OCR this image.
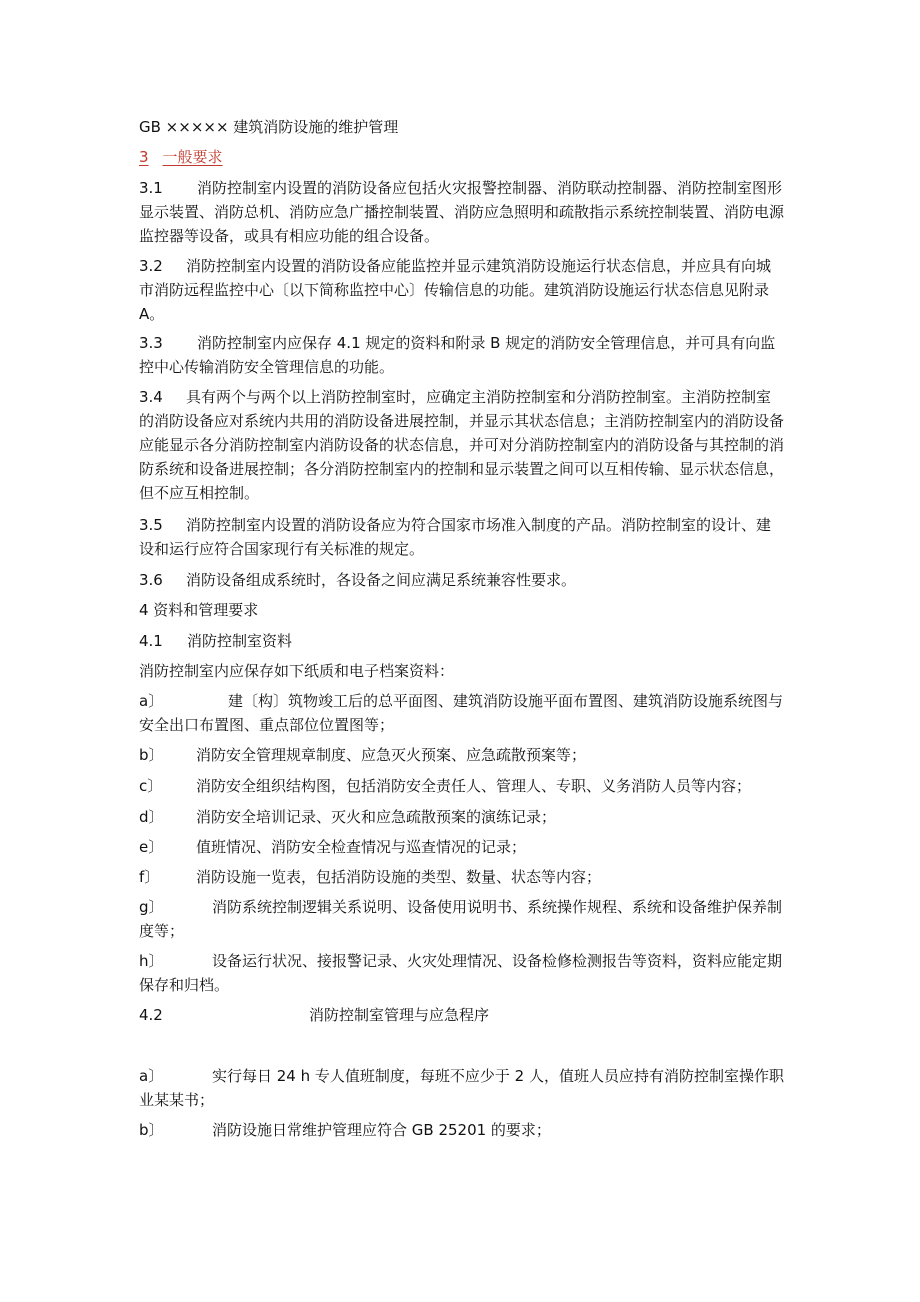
GB ××××× 建筑消防设施的维护管理
3 一般要求
3.1 消防控制室内设置的消防设备应包括火灾报警控制器、消防联动控制器、消防控制室图形显示装置、消防总机、消防应急广播控制装置、消防应急照明和疏散指示系统控制装置、消防电源监控器等设备，或具有相应功能的组合设备。
3.2 消防控制室内设置的消防设备应能监控并显示建筑消防设施运行状态信息，并应具有向城市消防远程监控中心〔以下简称监控中心〕传输信息的功能。建筑消防设施运行状态信息见附录 A。
3.3 消防控制室内应保存 4.1 规定的资料和附录 B 规定的消防安全管理信息，并可具有向监控中心传输消防安全管理信息的功能。
3.4 具有两个与两个以上消防控制室时，应确定主消防控制室和分消防控制室。主消防控制室的消防设备应对系统内共用的消防设备进展控制，并显示其状态信息；主消防控制室内的消防设备应能显示各分消防控制室内消防设备的状态信息，并可对分消防控制室内的消防设备与其控制的消防系统和设备进展控制；各分消防控制室内的控制和显示装置之间可以互相传输、显示状态信息，但不应互相控制。
3.5 消防控制室内设置的消防设备应为符合国家市场准入制度的产品。消防控制室的设计、建设和运行应符合国家现行有关标准的规定。
3.6 消防设备组成系统时，各设备之间应满足系统兼容性要求。
4 资料和管理要求
4.1 消防控制室资料
消防控制室内应保存如下纸质和电子档案资料：
a〕	建〔构〕筑物竣工后的总平面图、建筑消防设施平面布置图、建筑消防设施系统图与安全出口布置图、重点部位位置图等；
b〕 消防安全管理规章制度、应急灭火预案、应急疏散预案等；
c〕 消防安全组织结构图，包括消防安全责任人、管理人、专职、义务消防人员等内容；
d〕 消防安全培训记录、灭火和应急疏散预案的演练记录；
e〕 值班情况、消防安全检查情况与巡查情况的记录；
f〕 消防设施一览表，包括消防设施的类型、数量、状态等内容；
g〕	消防系统控制逻辑关系说明、设备使用说明书、系统操作规程、系统和设备维护保养制度等；
h〕	设备运行状况、接报警记录、火灾处理情况、设备检修检测报告等资料，资料应能定期保存和归档。
4.2	消防控制室管理与应急程序
a〕	实行每日 24 h 专人值班制度，每班不应少于 2 人，值班人员应持有消防控制室操作职业某某书；
b〕	消防设施日常维护管理应符合 GB 25201 的要求；
